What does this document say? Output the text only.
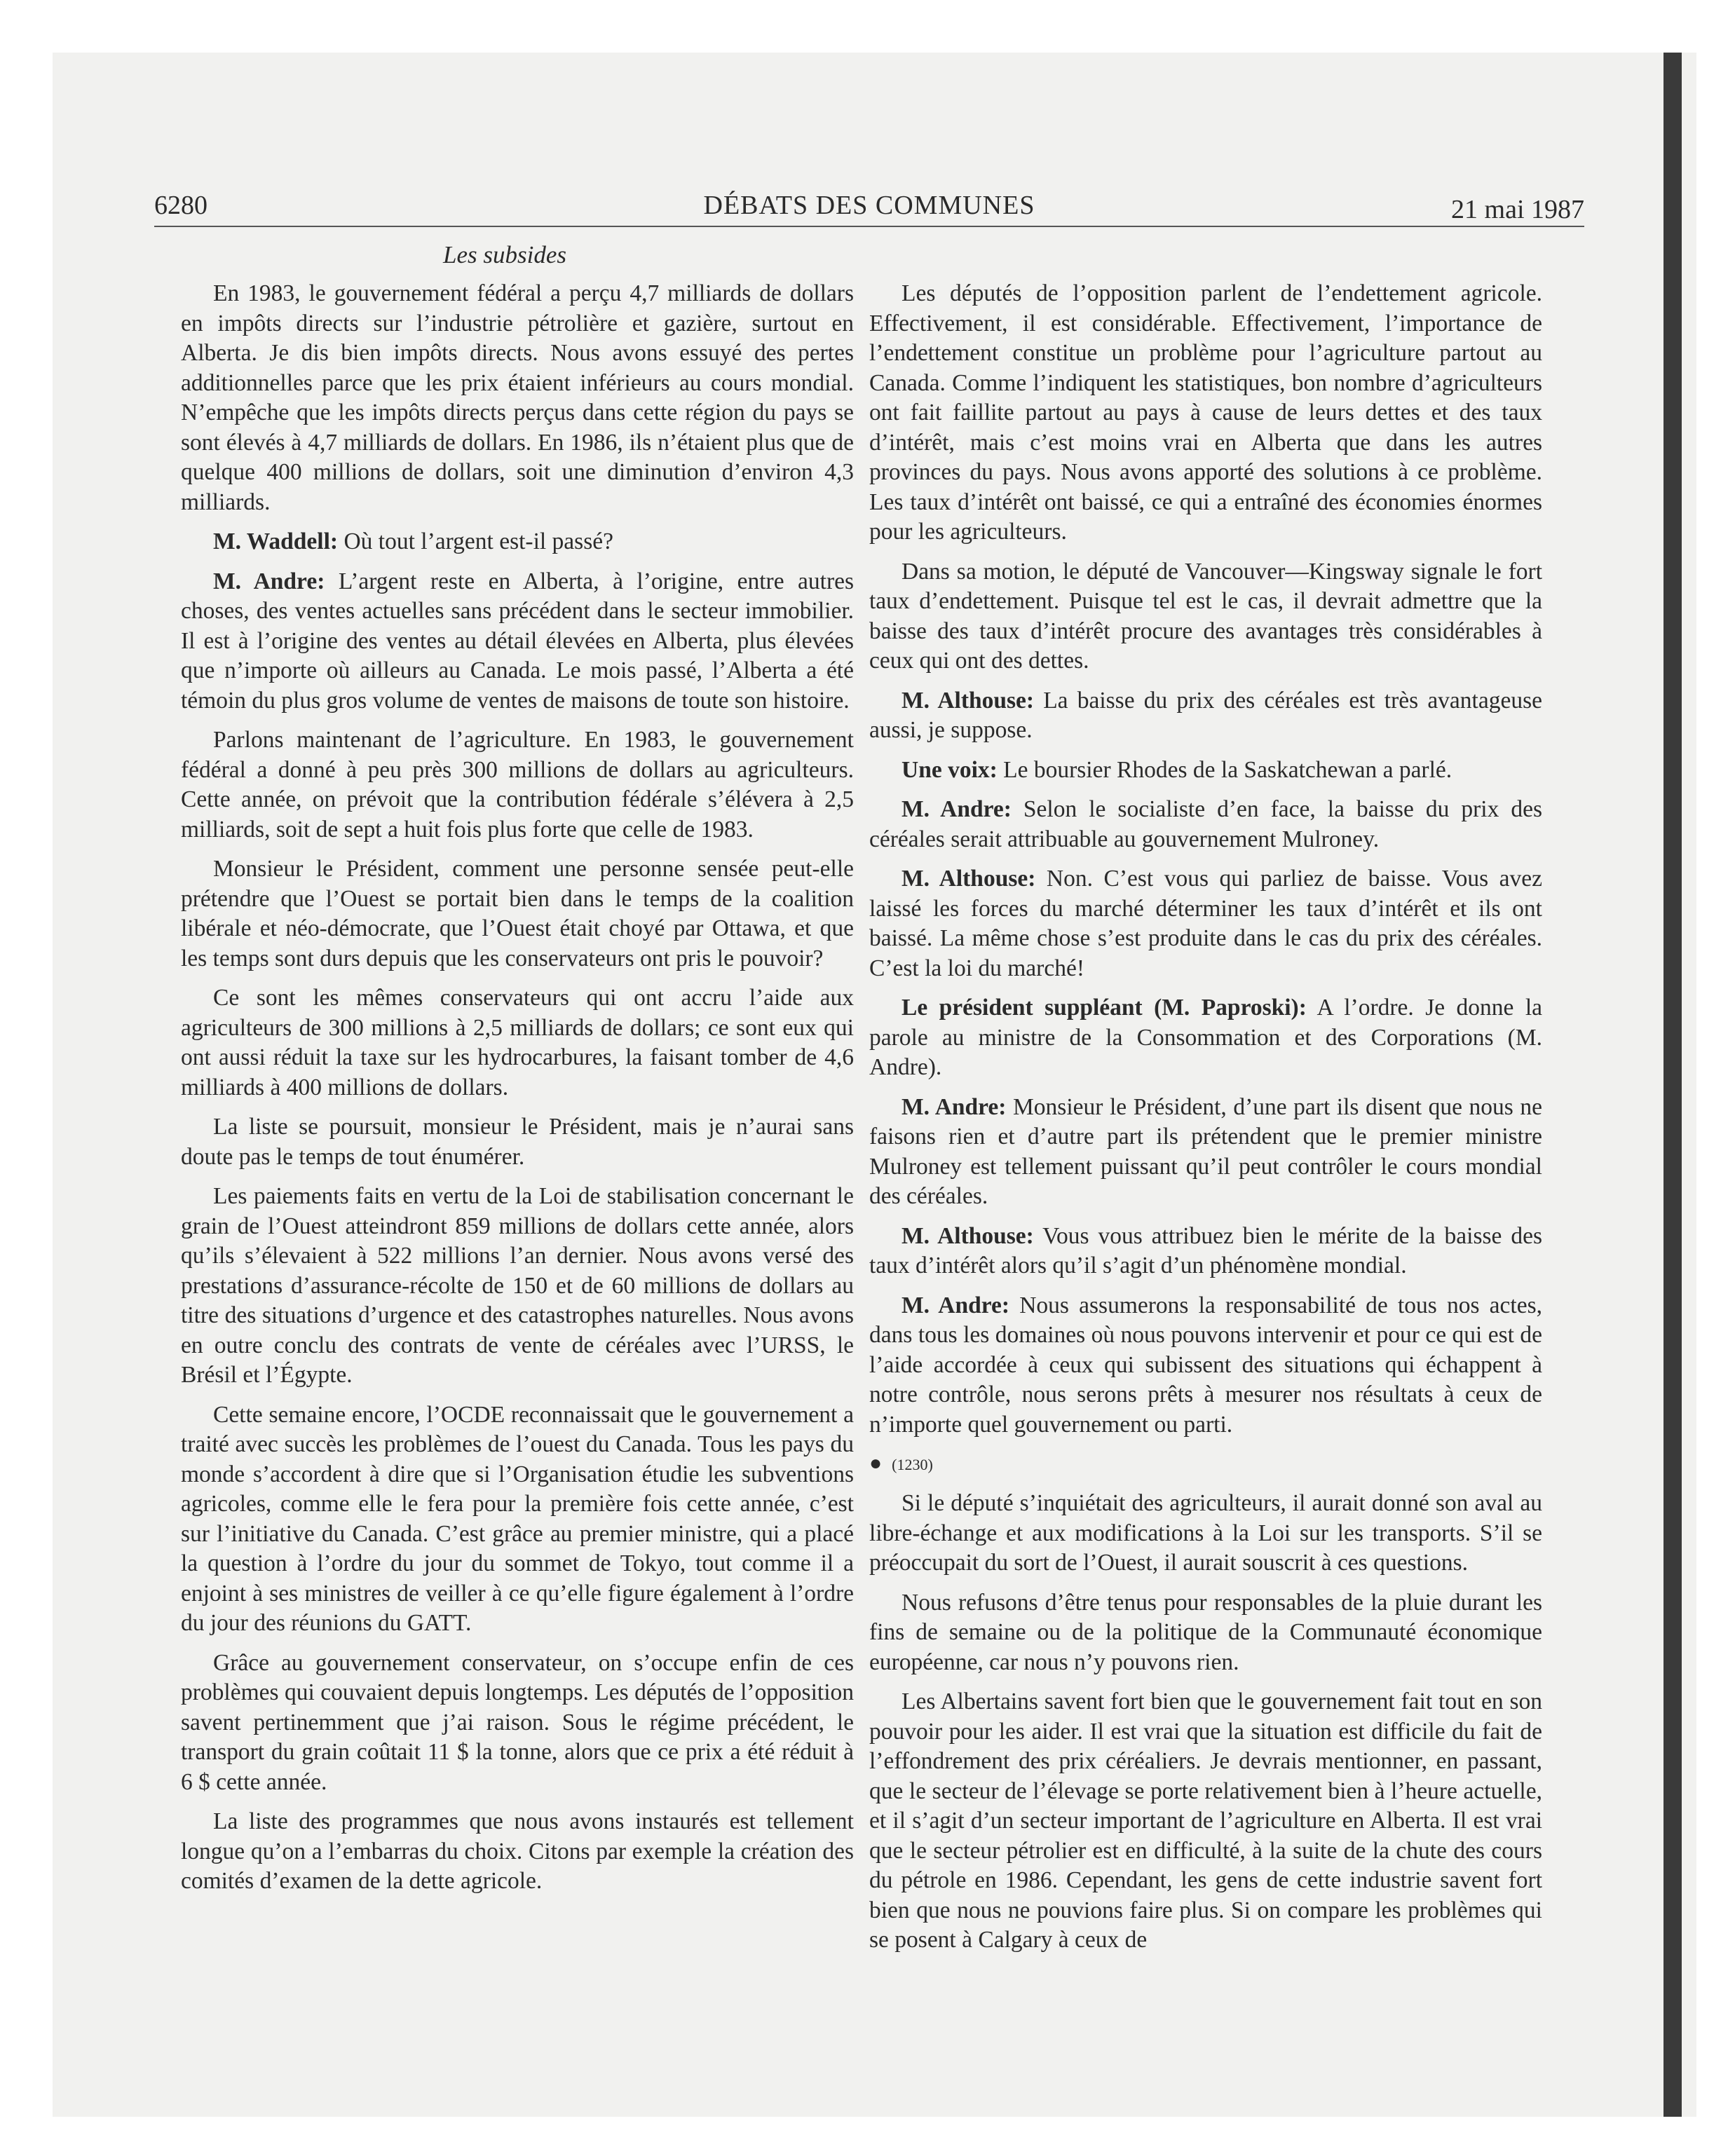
6280	DÉBATS DES COMMUNES	21 mai 1987
Les subsides

En 1983, le gouvernement fédéral a perçu 4,7 milliards de dollars en impôts directs sur l’industrie pétrolière et gazière, surtout en Alberta. Je dis bien impôts directs. Nous avons essuyé des pertes additionnelles parce que les prix étaient inférieurs au cours mondial. N’empêche que les impôts directs perçus dans cette région du pays se sont élevés à 4,7 milliards de dollars. En 1986, ils n’étaient plus que de quelque 400 millions de dollars, soit une diminution d’environ 4,3 milliards.

M. Waddell: Où tout l’argent est-il passé?

M. Andre: L’argent reste en Alberta, à l’origine, entre autres choses, des ventes actuelles sans précédent dans le secteur immobilier. Il est à l’origine des ventes au détail élevées en Alberta, plus élevées que n’importe où ailleurs au Canada. Le mois passé, l’Alberta a été témoin du plus gros volume de ventes de maisons de toute son histoire.

Parlons maintenant de l’agriculture. En 1983, le gouvernement fédéral a donné à peu près 300 millions de dollars au agriculteurs. Cette année, on prévoit que la contribution fédérale s’élévera à 2,5 milliards, soit de sept a huit fois plus forte que celle de 1983.

Monsieur le Président, comment une personne sensée peut-elle prétendre que l’Ouest se portait bien dans le temps de la coalition libérale et néo-démocrate, que l’Ouest était choyé par Ottawa, et que les temps sont durs depuis que les conservateurs ont pris le pouvoir?

Ce sont les mêmes conservateurs qui ont accru l’aide aux agriculteurs de 300 millions à 2,5 milliards de dollars; ce sont eux qui ont aussi réduit la taxe sur les hydrocarbures, la faisant tomber de 4,6 milliards à 400 millions de dollars.

La liste se poursuit, monsieur le Président, mais je n’aurai sans doute pas le temps de tout énumérer.

Les paiements faits en vertu de la Loi de stabilisation concernant le grain de l’Ouest atteindront 859 millions de dollars cette année, alors qu’ils s’élevaient à 522 millions l’an dernier. Nous avons versé des prestations d’assurance-récolte de 150 et de 60 millions de dollars au titre des situations d’urgence et des catastrophes naturelles. Nous avons en outre conclu des contrats de vente de céréales avec l’URSS, le Brésil et l’Égypte.

Cette semaine encore, l’OCDE reconnaissait que le gouvernement a traité avec succès les problèmes de l’ouest du Canada. Tous les pays du monde s’accordent à dire que si l’Organisation étudie les subventions agricoles, comme elle le fera pour la première fois cette année, c’est sur l’initiative du Canada. C’est grâce au premier ministre, qui a placé la question à l’ordre du jour du sommet de Tokyo, tout comme il a enjoint à ses ministres de veiller à ce qu’elle figure également à l’ordre du jour des réunions du GATT.

Grâce au gouvernement conservateur, on s’occupe enfin de ces problèmes qui couvaient depuis longtemps. Les députés de l’opposition savent pertinemment que j’ai raison. Sous le régime précédent, le transport du grain coûtait 11 $ la tonne, alors que ce prix a été réduit à 6 $ cette année.

La liste des programmes que nous avons instaurés est tellement longue qu’on a l’embarras du choix. Citons par exemple la création des comités d’examen de la dette agricole.

Les députés de l’opposition parlent de l’endettement agricole. Effectivement, il est considérable. Effectivement, l’importance de l’endettement constitue un problème pour l’agriculture partout au Canada. Comme l’indiquent les statistiques, bon nombre d’agriculteurs ont fait faillite partout au pays à cause de leurs dettes et des taux d’intérêt, mais c’est moins vrai en Alberta que dans les autres provinces du pays. Nous avons apporté des solutions à ce problème. Les taux d’intérêt ont baissé, ce qui a entraîné des économies énormes pour les agriculteurs.

Dans sa motion, le député de Vancouver—Kingsway signale le fort taux d’endettement. Puisque tel est le cas, il devrait admettre que la baisse des taux d’intérêt procure des avantages très considérables à ceux qui ont des dettes.

M. Althouse: La baisse du prix des céréales est très avantageuse aussi, je suppose.

Une voix: Le boursier Rhodes de la Saskatchewan a parlé.

M. Andre: Selon le socialiste d’en face, la baisse du prix des céréales serait attribuable au gouvernement Mulroney.

M. Althouse: Non. C’est vous qui parliez de baisse. Vous avez laissé les forces du marché déterminer les taux d’intérêt et ils ont baissé. La même chose s’est produite dans le cas du prix des céréales. C’est la loi du marché!

Le président suppléant (M. Paproski): A l’ordre. Je donne la parole au ministre de la Consommation et des Corporations (M. Andre).

M. Andre: Monsieur le Président, d’une part ils disent que nous ne faisons rien et d’autre part ils prétendent que le premier ministre Mulroney est tellement puissant qu’il peut contrôler le cours mondial des céréales.

M. Althouse: Vous vous attribuez bien le mérite de la baisse des taux d’intérêt alors qu’il s’agit d’un phénomène mondial.

M. Andre: Nous assumerons la responsabilité de tous nos actes, dans tous les domaines où nous pouvons intervenir et pour ce qui est de l’aide accordée à ceux qui subissent des situations qui échappent à notre contrôle, nous serons prêts à mesurer nos résultats à ceux de n’importe quel gouvernement ou parti.

● (1230)

Si le député s’inquiétait des agriculteurs, il aurait donné son aval au libre-échange et aux modifications à la Loi sur les transports. S’il se préoccupait du sort de l’Ouest, il aurait souscrit à ces questions.

Nous refusons d’être tenus pour responsables de la pluie durant les fins de semaine ou de la politique de la Communauté économique européenne, car nous n’y pouvons rien.

Les Albertains savent fort bien que le gouvernement fait tout en son pouvoir pour les aider. Il est vrai que la situation est difficile du fait de l’effondrement des prix céréaliers. Je devrais mentionner, en passant, que le secteur de l’élevage se porte relativement bien à l’heure actuelle, et il s’agit d’un secteur important de l’agriculture en Alberta. Il est vrai que le secteur pétrolier est en difficulté, à la suite de la chute des cours du pétrole en 1986. Cependant, les gens de cette industrie savent fort bien que nous ne pouvions faire plus. Si on compare les problèmes qui se posent à Calgary à ceux de
